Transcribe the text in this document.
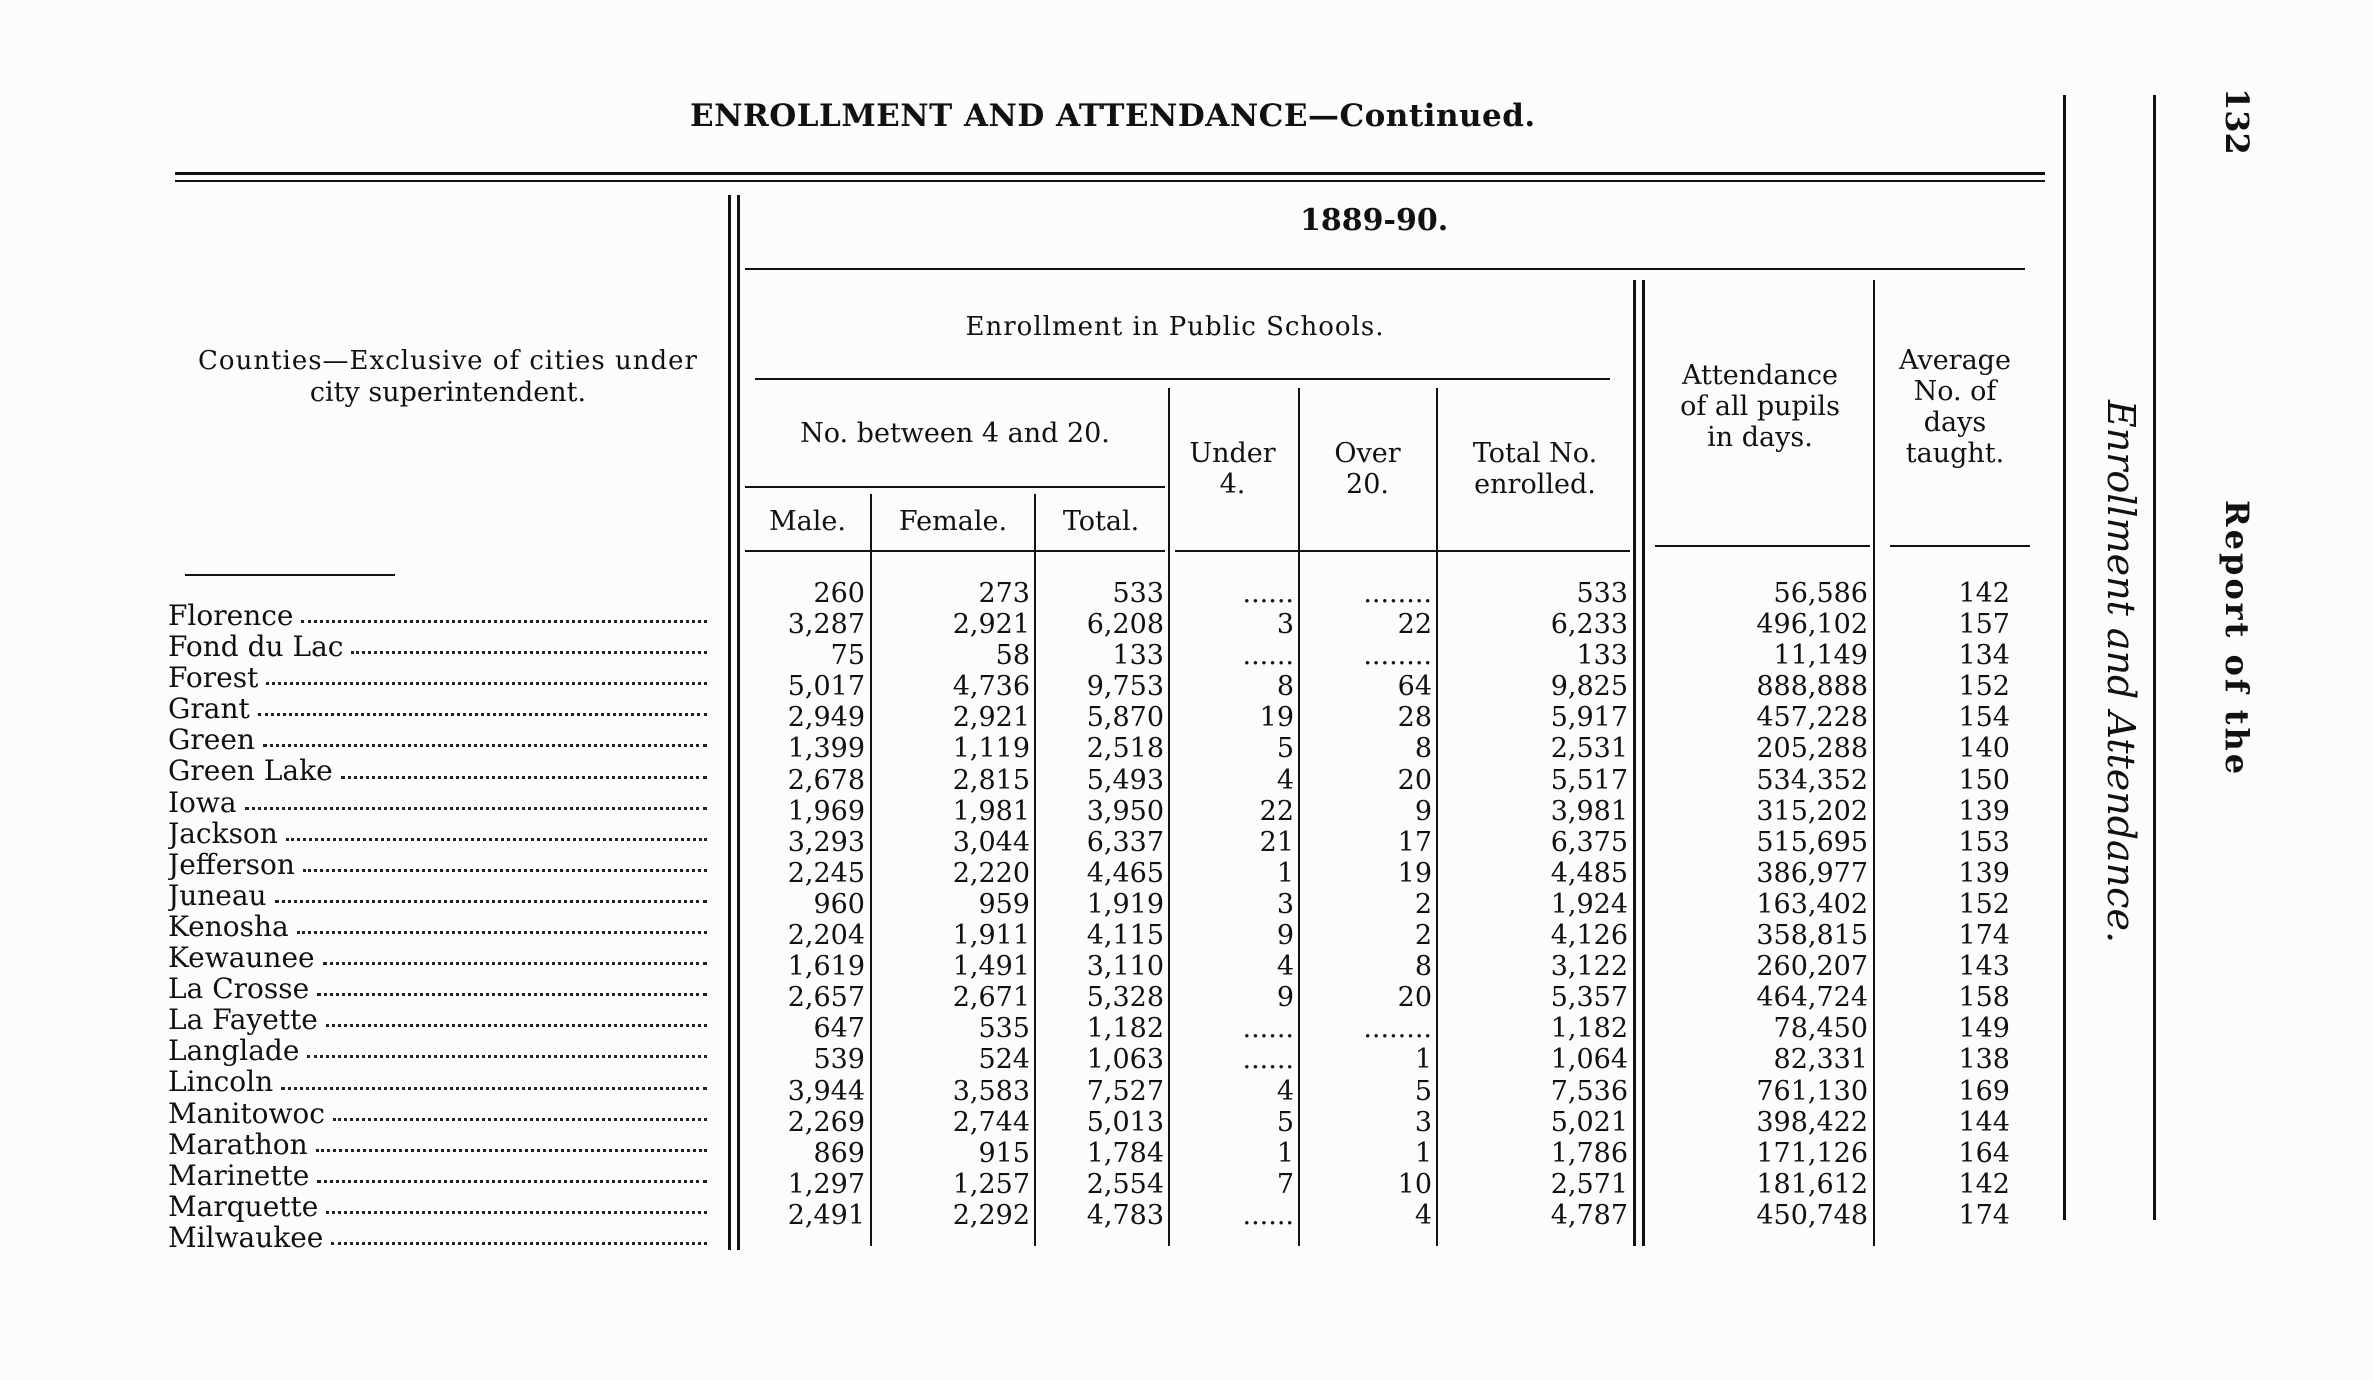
ENROLLMENT AND ATTENDANCE—Continued.
1889-90.
Counties—Exclusive of cities under
city superintendent.
Enrollment in Public Schools.
No. between 4 and 20.
Male.	Female.	Total.
Under
4.
Over
20.
Total No.
enrolled.
Attendance
of all pupils
in days.
Average
No. of
days
taught.
Florence
Fond du Lac
Forest
Grant
Green
Green Lake
Iowa
Jackson
Jefferson
Juneau
Kenosha
Kewaunee
La Crosse
La Fayette
Langlade
Lincoln
Manitowoc
Marathon
Marinette
Marquette
Milwaukee
260
3,287
75
5,017
2,949
1,399
2,678
1,969
3,293
2,245
960
2,204
1,619
2,657
647
539
3,944
2,269
869
1,297
2,491
273
2,921
58
4,736
2,921
1,119
2,815
1,981
3,044
2,220
959
1,911
1,491
2,671
535
524
3,583
2,744
915
1,257
2,292
533
6,208
133
9,753
5,870
2,518
5,493
3,950
6,337
4,465
1,919
4,115
3,110
5,328
1,182
1,063
7,527
5,013
1,784
2,554
4,783
......
3
......
8
19
5
4
22
21
1
3
9
4
9
......
......
4
5
1
7
......
........
22
........
64
28
8
20
9
17
19
2
2
8
20
........
1
5
3
1
10
4
533
6,233
133
9,825
5,917
2,531
5,517
3,981
6,375
4,485
1,924
4,126
3,122
5,357
1,182
1,064
7,536
5,021
1,786
2,571
4,787
56,586
496,102
11,149
888,888
457,228
205,288
534,352
315,202
515,695
386,977
163,402
358,815
260,207
464,724
78,450
82,331
761,130
398,422
171,126
181,612
450,748
142
157
134
152
154
140
150
139
153
139
152
174
143
158
149
138
169
144
164
142
174
Enrollment and Attendance. Report of the
132
